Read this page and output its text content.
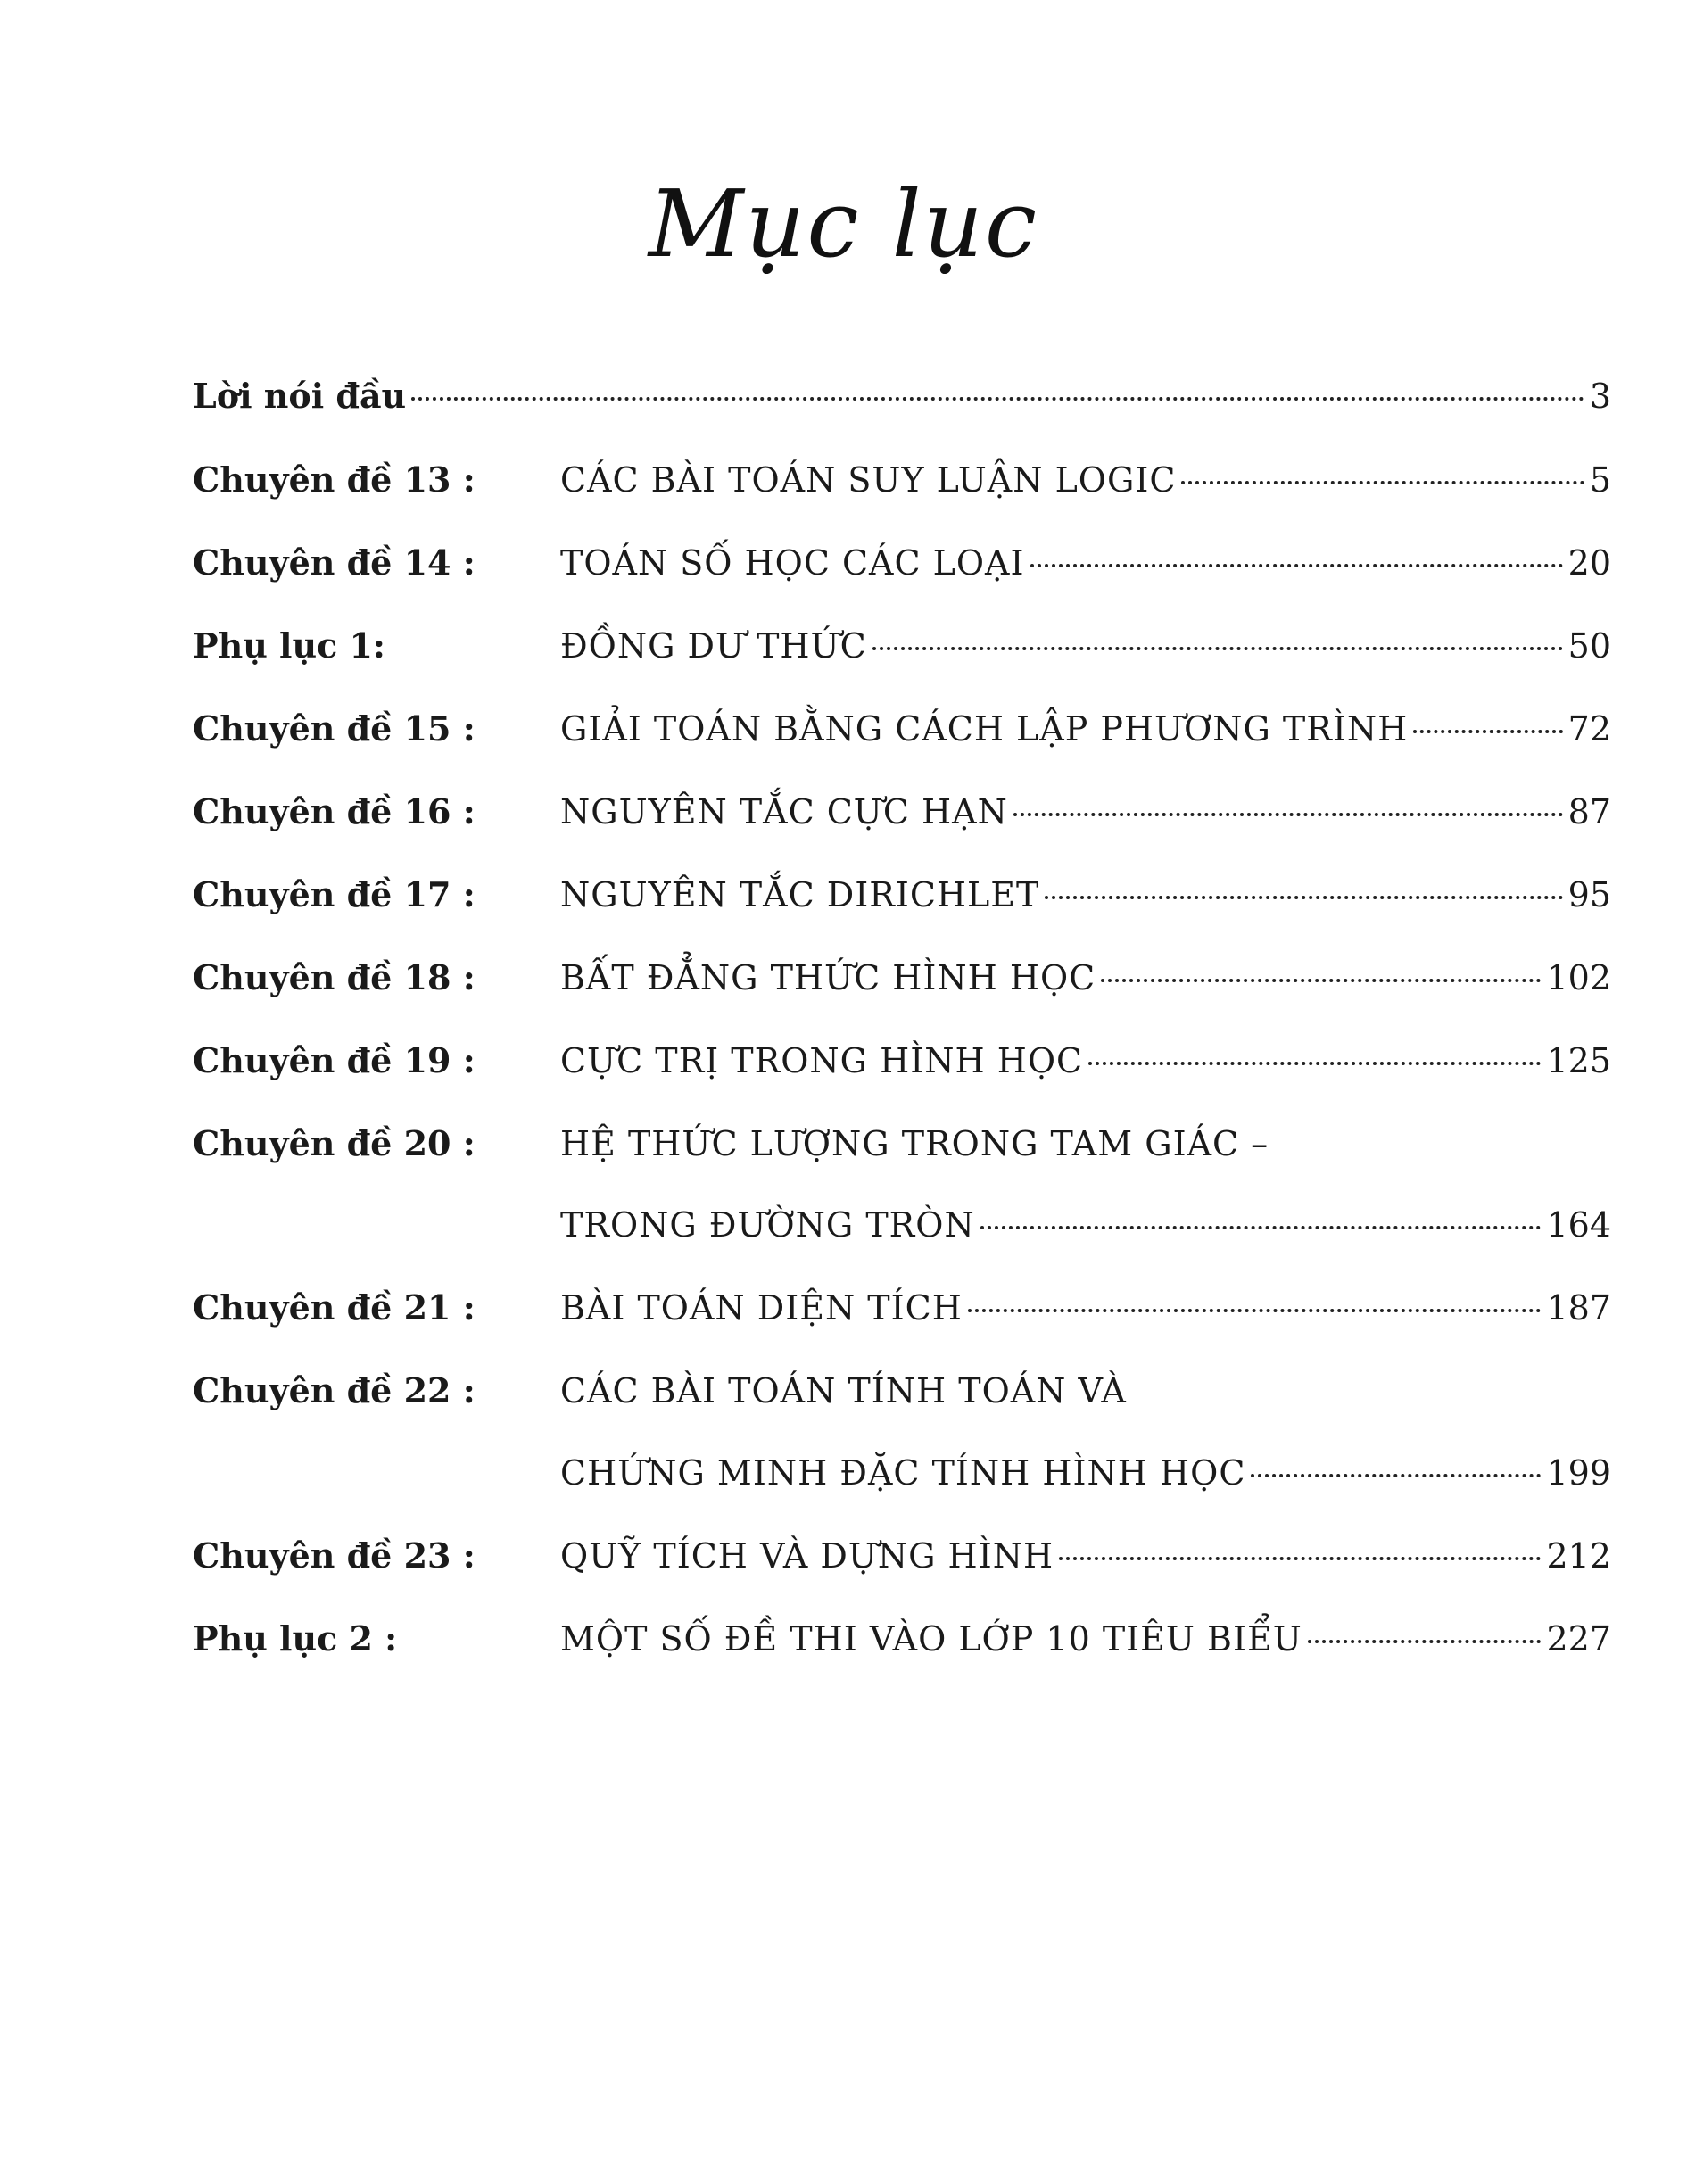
Mục lục
Lời nói đầu	3
Chuyên đề 13 :	CÁC BÀI TOÁN SUY LUẬN LOGIC	5
Chuyên đề 14 :	TOÁN SỐ HỌC CÁC LOẠI	20
Phụ lục 1:	ĐỒNG DƯ THỨC	50
Chuyên đề 15 :	GIẢI TOÁN BẰNG CÁCH LẬP PHƯƠNG TRÌNH	72
Chuyên đề 16 :	NGUYÊN TẮC CỰC HẠN	87
Chuyên đề 17 :	NGUYÊN TẮC DIRICHLET	95
Chuyên đề 18 :	BẤT ĐẲNG THỨC HÌNH HỌC	102
Chuyên đề 19 :	CỰC TRỊ TRONG HÌNH HỌC	125
Chuyên đề 20 :	HỆ THỨC LƯỢNG TRONG TAM GIÁC –
TRONG ĐƯỜNG TRÒN	164
Chuyên đề 21 :	BÀI TOÁN DIỆN TÍCH	187
Chuyên đề 22 :	CÁC BÀI TOÁN TÍNH TOÁN VÀ
CHỨNG MINH ĐẶC TÍNH HÌNH HỌC	199
Chuyên đề 23 :	QUỸ TÍCH VÀ DỰNG HÌNH	212
Phụ lục 2 :	MỘT SỐ ĐỀ THI VÀO LỚP 10 TIÊU BIỂU	227
